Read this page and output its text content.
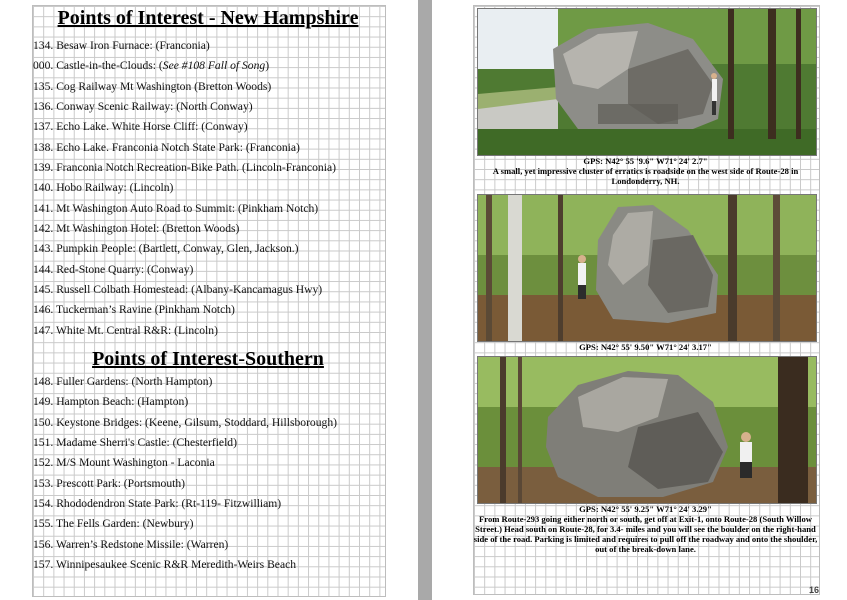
Points of Interest - New Hampshire
134. Besaw Iron Furnace: (Franconia)
000. Castle-in-the-Clouds: (See #108 Fall of Song)
135. Cog Railway Mt Washington (Bretton Woods)
136. Conway Scenic Railway: (North Conway)
137. Echo Lake. White Horse Cliff: (Conway)
138. Echo Lake. Franconia Notch State Park: (Franconia)
139. Franconia Notch Recreation-Bike Path. (Lincoln-Franconia)
140. Hobo Railway: (Lincoln)
141. Mt Washington Auto Road to Summit: (Pinkham Notch)
142. Mt Washington Hotel: (Bretton Woods)
143. Pumpkin People: (Bartlett, Conway, Glen, Jackson.)
144. Red-Stone Quarry: (Conway)
145. Russell Colbath Homestead: (Albany-Kancamagus Hwy)
146. Tuckerman’s Ravine (Pinkham Notch)
147. White Mt. Central R&R: (Lincoln)
Points of Interest-Southern
148. Fuller Gardens: (North Hampton)
149. Hampton Beach: (Hampton)
150. Keystone Bridges: (Keene, Gilsum, Stoddard, Hillsborough)
151. Madame Sherri's Castle: (Chesterfield)
152. M/S Mount Washington - Laconia
153. Prescott Park: (Portsmouth)
154. Rhododendron State Park: (Rt-119- Fitzwilliam)
155. The Fells Garden: (Newbury)
156. Warren’s Redstone Missile: (Warren)
157. Winnipesaukee Scenic R&R Meredith-Weirs Beach
GPS: N42° 55 '9.6" W71° 24' 2.7"
A small, yet impressive cluster of erratics is roadside on the west side of Route-28 in Londonderry, NH.
GPS: N42° 55' 9.50" W71° 24' 3.17"
GPS: N42° 55' 9.25" W71° 24' 3.29"
From Route-293 going either north or south, get off at Exit-1, onto Route-28 (South Willow Street.) Head south on Route-28, for 3.4- miles and you will see the boulder on the right-hand side of the road. Parking is limited and requires to pull off the roadway and onto the shoulder, out of the break-down lane.
16
